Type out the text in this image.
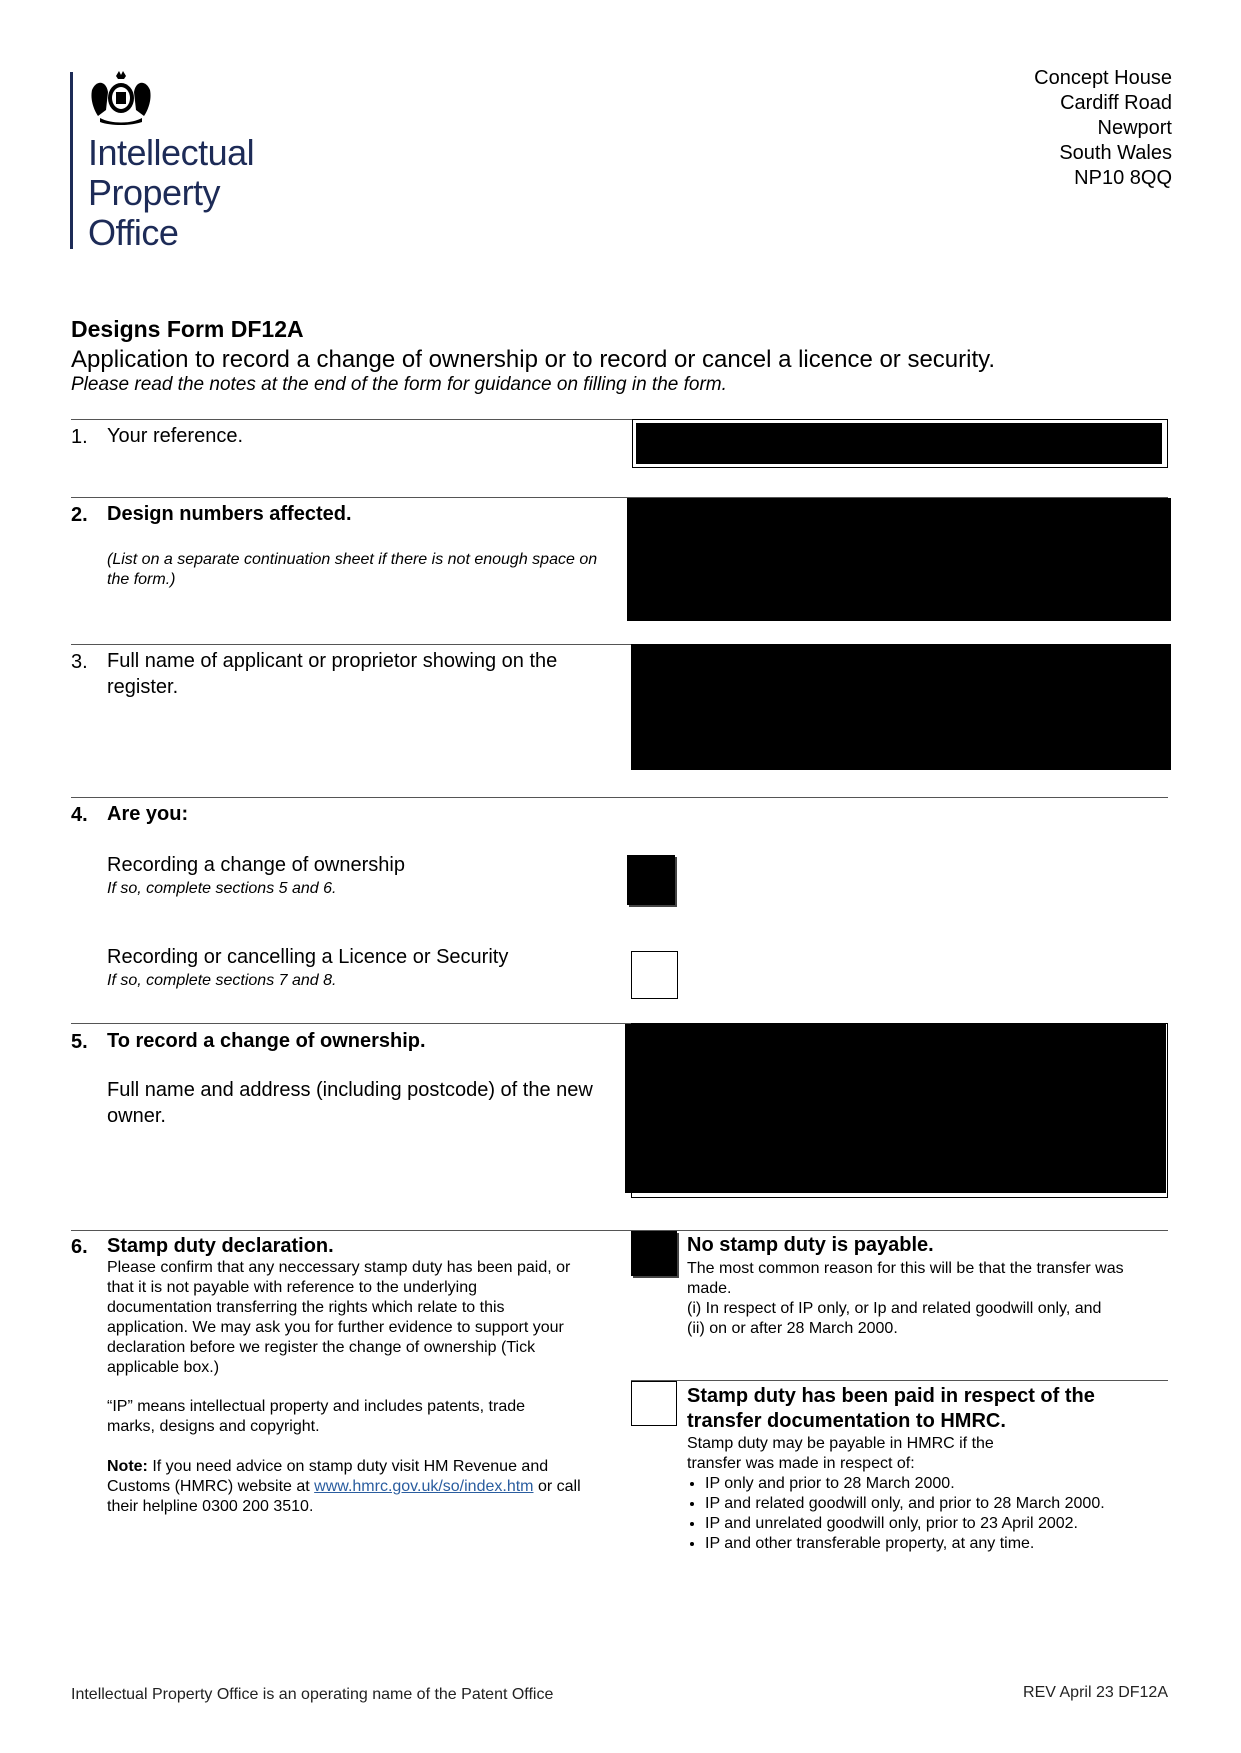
Intellectual
Property
Office
Concept House
Cardiff Road
Newport
South Wales
NP10 8QQ
Designs Form DF12A
Application to record a change of ownership or to record or cancel a licence or security.
Please read the notes at the end of the form for guidance on filling in the form.
1. Your reference.
2. Design numbers affected.
(List on a separate continuation sheet if there is not enough space on the form.)
3. Full name of applicant or proprietor showing on the register.
4. Are you:
Recording a change of ownership
If so, complete sections 5 and 6.
Recording or cancelling a Licence or Security
If so, complete sections 7 and 8.
5. To record a change of ownership.
Full name and address (including postcode) of the new owner.
6. Stamp duty declaration.
Please confirm that any neccessary stamp duty has been paid, or that it is not payable with reference to the underlying documentation transferring the rights which relate to this application. We may ask you for further evidence to support your declaration before we register the change of ownership (Tick applicable box.)
“IP” means intellectual property and includes patents, trade marks, designs and copyright.
Note: If you need advice on stamp duty visit HM Revenue and Customs (HMRC) website at www.hmrc.gov.uk/so/index.htm or call their helpline 0300 200 3510.
No stamp duty is payable.
The most common reason for this will be that the transfer was made.
(i) In respect of IP only, or Ip and related goodwill only, and
(ii) on or after 28 March 2000.
Stamp duty has been paid in respect of the transfer documentation to HMRC.
Stamp duty may be payable in HMRC if the transfer was made in respect of:
• IP only and prior to 28 March 2000.
• IP and related goodwill only, and prior to 28 March 2000.
• IP and unrelated goodwill only, prior to 23 April 2002.
• IP and other transferable property, at any time.
Intellectual Property Office is an operating name of the Patent Office	REV April 23 DF12A
